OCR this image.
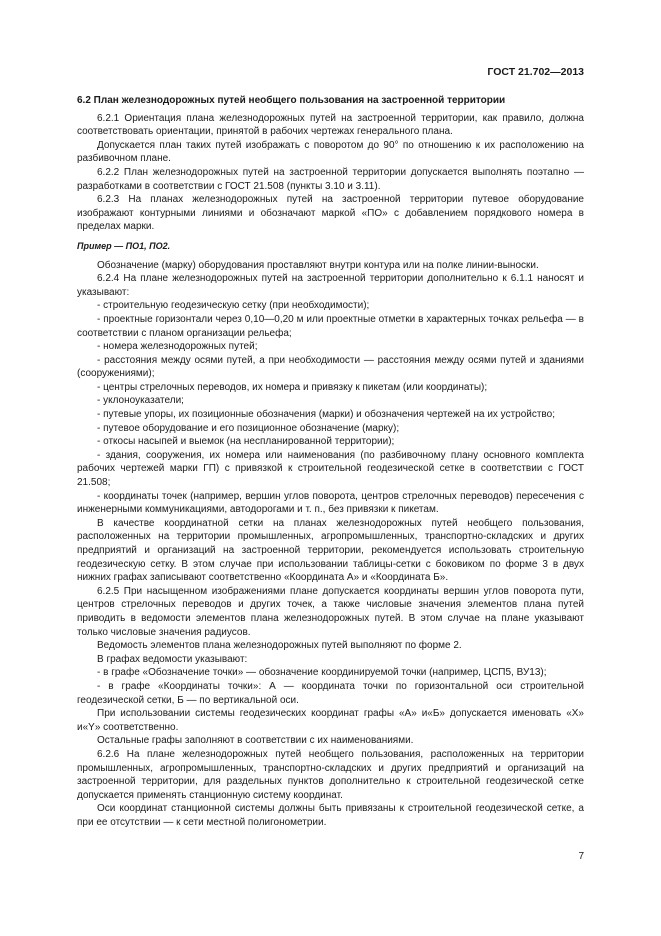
ГОСТ 21.702—2013
6.2 План железнодорожных путей необщего пользования на застроенной территории

6.2.1 Ориентация плана железнодорожных путей на застроенной территории, как правило, должна соответствовать ориентации, принятой в рабочих чертежах генерального плана.

Допускается план таких путей изображать с поворотом до 90° по отношению к их расположению на разбивочном плане.

6.2.2 План железнодорожных путей на застроенной территории допускается выполнять поэтапно — разработками в соответствии с ГОСТ 21.508 (пункты 3.10 и 3.11).

6.2.3 На планах железнодорожных путей на застроенной территории путевое оборудование изображают контурными линиями и обозначают маркой «ПО» с добавлением порядкового номера в пределах марки.

Пример — ПО1, ПО2.

Обозначение (марку) оборудования проставляют внутри контура или на полке линии-выноски.

6.2.4 На плане железнодорожных путей на застроенной территории дополнительно к 6.1.1 наносят и указывают:

- строительную геодезическую сетку (при необходимости);

- проектные горизонтали через 0,10—0,20 м или проектные отметки в характерных точках рельефа — в соответствии с планом организации рельефа;

- номера железнодорожных путей;

- расстояния между осями путей, а при необходимости — расстояния между осями путей и зданиями (сооружениями);

- центры стрелочных переводов, их номера и привязку к пикетам (или координаты);

- уклоноуказатели;

- путевые упоры, их позиционные обозначения (марки) и обозначения чертежей на их устройство;

- путевое оборудование и его позиционное обозначение (марку);

- откосы насыпей и выемок (на неспланированной территории);

- здания, сооружения, их номера или наименования (по разбивочному плану основного комплекта рабочих чертежей марки ГП) с привязкой к строительной геодезической сетке в соответствии с ГОСТ 21.508;

- координаты точек (например, вершин углов поворота, центров стрелочных переводов) пересечения с инженерными коммуникациями, автодорогами и т. п., без привязки к пикетам.

В качестве координатной сетки на планах железнодорожных путей необщего пользования, расположенных на территории промышленных, агропромышленных, транспортно-складских и других предприятий и организаций на застроенной территории, рекомендуется использовать строительную геодезическую сетку. В этом случае при использовании таблицы-сетки с боковиком по форме 3 в двух нижних графах записывают соответственно «Координата А» и «Координата Б».

6.2.5 При насыщенном изображениями плане допускается координаты вершин углов поворота пути, центров стрелочных переводов и других точек, а также числовые значения элементов плана путей приводить в ведомости элементов плана железнодорожных путей. В этом случае на плане указывают только числовые значения радиусов.

Ведомость элементов плана железнодорожных путей выполняют по форме 2.

В графах ведомости указывают:

- в графе «Обозначение точки» — обозначение координируемой точки (например, ЦСП5, ВУ13);

- в графе «Координаты точки»: А — координата точки по горизонтальной оси строительной геодезической сетки, Б — по вертикальной оси.

При использовании системы геодезических координат графы «А» и«Б» допускается именовать «Х» и«Y» соответственно.

Остальные графы заполняют в соответствии с их наименованиями.

6.2.6 На плане железнодорожных путей необщего пользования, расположенных на территории промышленных, агропромышленных, транспортно-складских и других предприятий и организаций на застроенной территории, для раздельных пунктов дополнительно к строительной геодезической сетке допускается применять станционную систему координат.

Оси координат станционной системы должны быть привязаны к строительной геодезической сетке, а при ее отсутствии — к сети местной полигонометрии.

7
